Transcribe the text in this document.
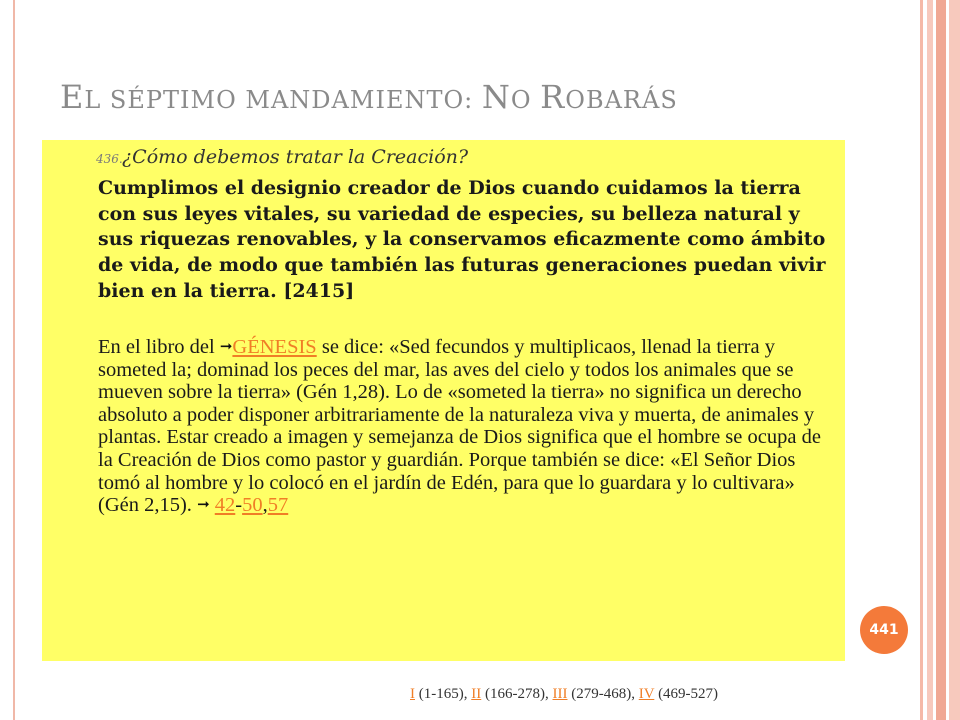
EL SÉPTIMO MANDAMIENTO: NO ROBARÁS
436. ¿Cómo debemos tratar la Creación?

Cumplimos el designio creador de Dios cuando cuidamos la tierra con sus leyes vitales, su variedad de especies, su belleza natural y sus riquezas renovables, y la conservamos eficazmente como ámbito de vida, de modo que también las futuras generaciones puedan vivir bien en la tierra. [2415]

En el libro del ➞GÉNESIS se dice: «Sed fecundos y multiplicaos, llenad la tierra y someted la; dominad los peces del mar, las aves del cielo y todos los animales que se mueven sobre la tierra» (Gén 1,28). Lo de «someted la tierra» no significa un derecho absoluto a poder disponer arbitrariamente de la naturaleza viva y muerta, de animales y plantas. Estar creado a imagen y semejanza de Dios significa que el hombre se ocupa de la Creación de Dios como pastor y guardián. Porque también se dice: «El Señor Dios tomó al hombre y lo colocó en el jardín de Edén, para que lo guardara y lo cultivara» (Gén 2,15). ➞ 42-50,57

441
I (1-165), II (166-278), III (279-468), IV (469-527)
